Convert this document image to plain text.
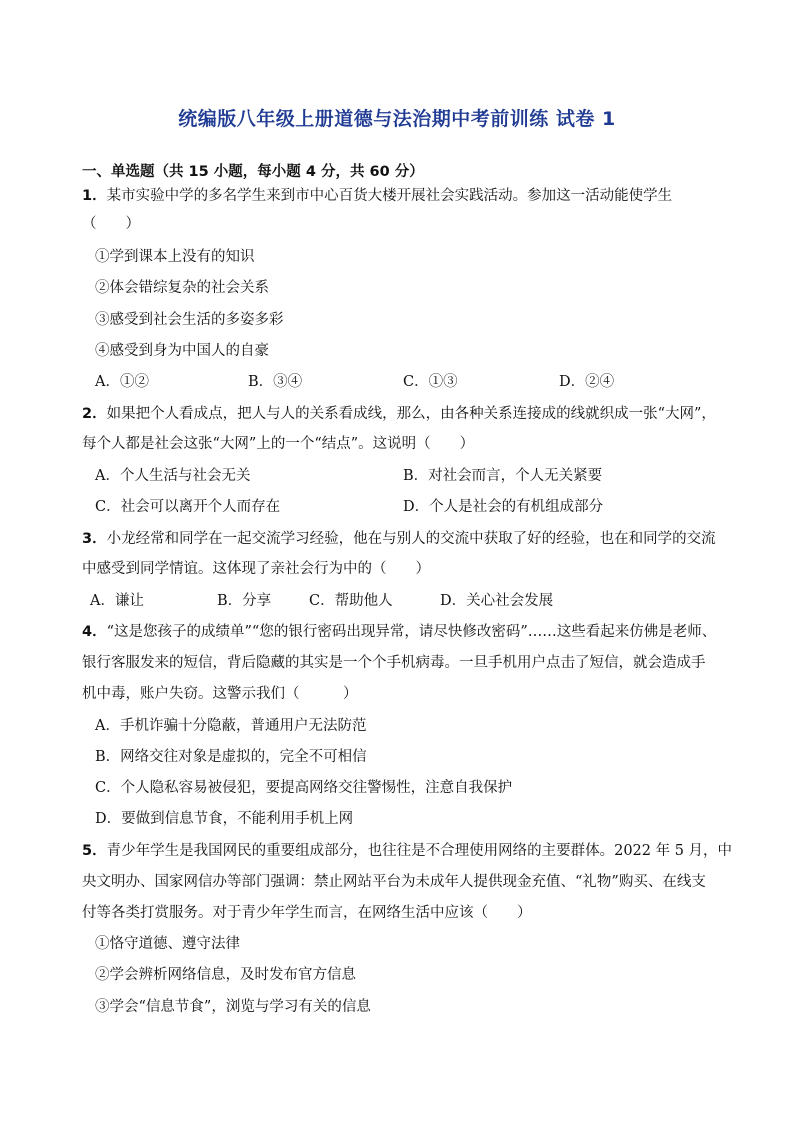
统编版八年级上册道德与法治期中考前训练 试卷 1
一、单选题（共 15 小题，每小题 4 分，共 60 分）
1．某市实验中学的多名学生来到市中心百货大楼开展社会实践活动。参加这一活动能使学生
（　　）
①学到课本上没有的知识
②体会错综复杂的社会关系
③感受到社会生活的多姿多彩
④感受到身为中国人的自豪
A．①②	B．③④	C．①③	D．②④
2．如果把个人看成点，把人与人的关系看成线，那么，由各种关系连接成的线就织成一张“大网”，
每个人都是社会这张“大网”上的一个“结点”。这说明（　　）
A．个人生活与社会无关	B．对社会而言，个人无关紧要
C．社会可以离开个人而存在	D．个人是社会的有机组成部分
3．小龙经常和同学在一起交流学习经验，他在与别人的交流中获取了好的经验，也在和同学的交流
中感受到同学情谊。这体现了亲社会行为中的（　　）
A．谦让	B．分享	C．帮助他人	D．关心社会发展
4．“这是您孩子的成绩单”“您的银行密码出现异常，请尽快修改密码”……这些看起来仿佛是老师、
银行客服发来的短信，背后隐藏的其实是一个个手机病毒。一旦手机用户点击了短信，就会造成手
机中毒，账户失窃。这警示我们（　　　）
A．手机诈骗十分隐蔽，普通用户无法防范
B．网络交往对象是虚拟的，完全不可相信
C．个人隐私容易被侵犯，要提高网络交往警惕性，注意自我保护
D．要做到信息节食，不能利用手机上网
5．青少年学生是我国网民的重要组成部分，也往往是不合理使用网络的主要群体。2022 年 5 月，中
央文明办、国家网信办等部门强调：禁止网站平台为未成年人提供现金充值、“礼物”购买、在线支
付等各类打赏服务。对于青少年学生而言，在网络生活中应该（　　）
①恪守道德、遵守法律
②学会辨析网络信息，及时发布官方信息
③学会“信息节食”，浏览与学习有关的信息
